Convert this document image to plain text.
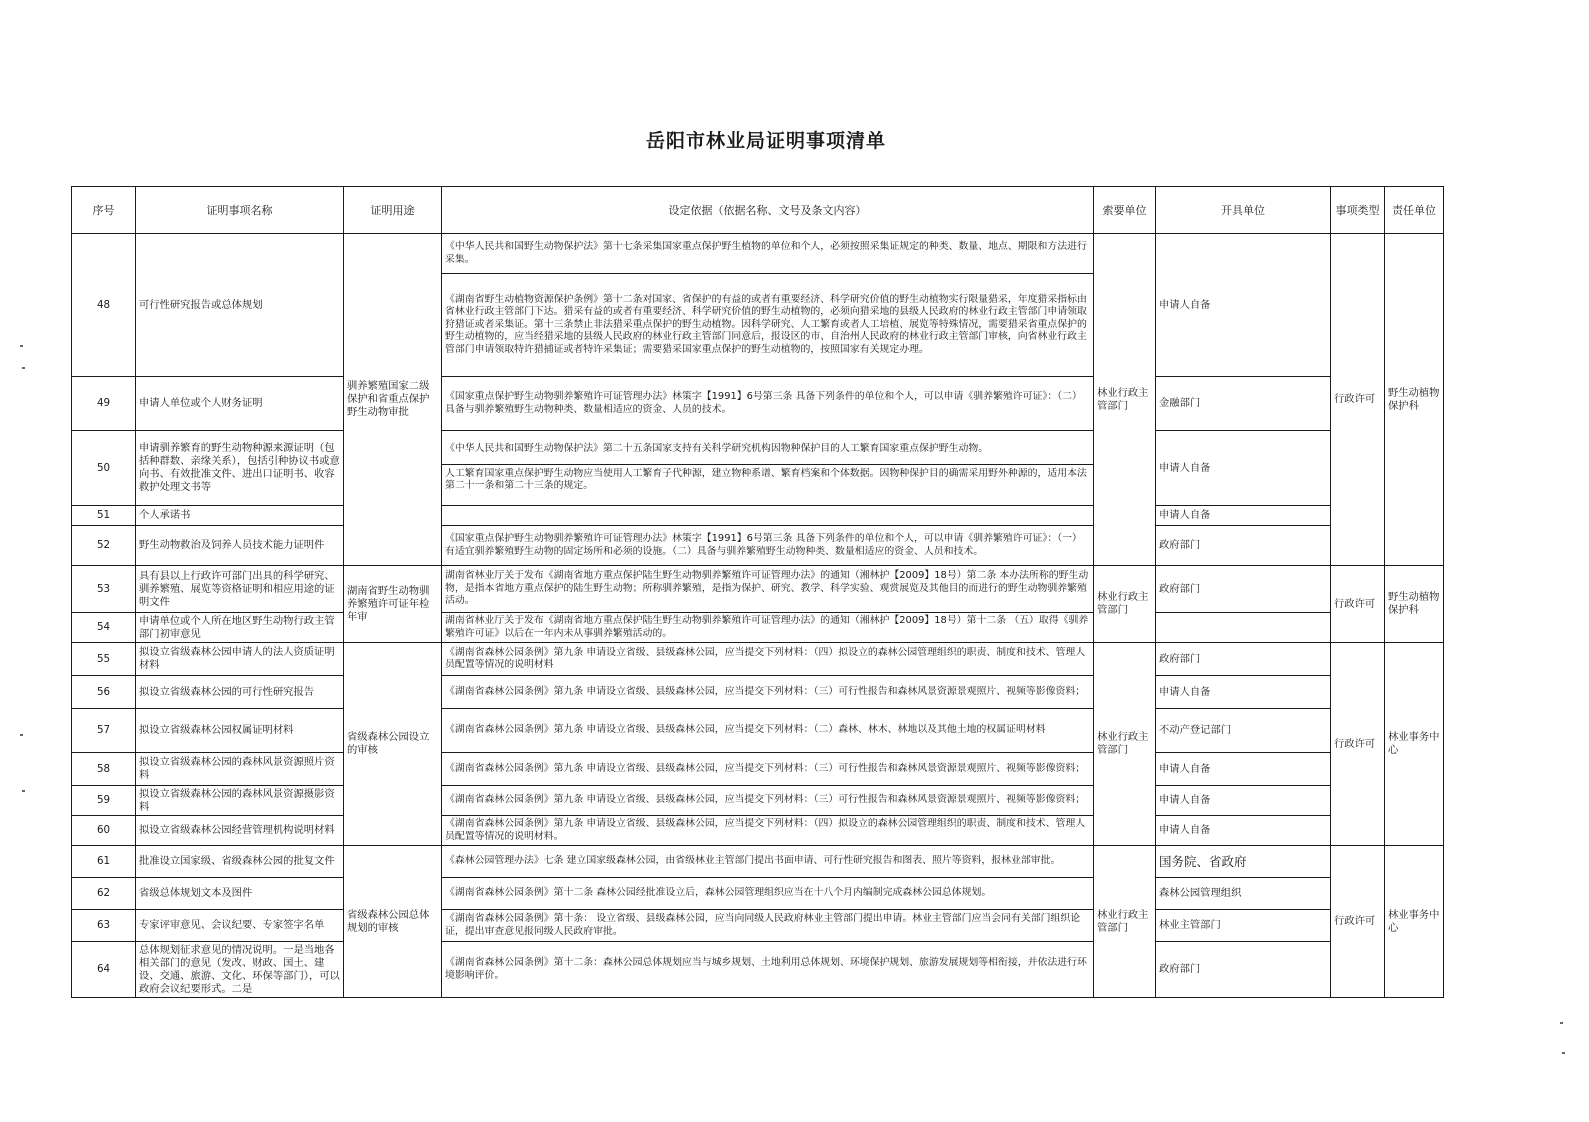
岳阳市林业局证明事项清单
序号	证明事项名称	证明用途	设定依据（依据名称、文号及条文内容）	索要单位	开具单位	事项类型	责任单位
48	可行性研究报告或总体规划	驯养繁殖国家二级保护和省重点保护野生动物审批	《中华人民共和国野生动物保护法》第十七条采集国家重点保护野生植物的单位和个人，必须按照采集证规定的种类、数量、地点、期限和方法进行采集。	林业行政主管部门	申请人自备	行政许可	野生动植物保护科
			《湖南省野生动植物资源保护条例》第十二条对国家、省保护的有益的或者有重要经济、科学研究价值的野生动植物实行限量猎采，年度猎采指标由省林业行政主管部门下达。猎采有益的或者有重要经济、科学研究价值的野生动植物的，必须向猎采地的县级人民政府的林业行政主管部门申请领取狩猎证或者采集证。第十三条禁止非法猎采重点保护的野生动植物。因科学研究、人工繁育或者人工培植、展览等特殊情况，需要猎采省重点保护的野生动植物的，应当经猎采地的县级人民政府的林业行政主管部门同意后，报设区的市、自治州人民政府的林业行政主管部门审核，向省林业行政主管部门申请领取特许猎捕证或者特许采集证；需要猎采国家重点保护的野生动植物的，按照国家有关规定办理。				
49	申请人单位或个人财务证明		《国家重点保护野生动物驯养繁殖许可证管理办法》林策字【1991】6号第三条 具备下列条件的单位和个人，可以申请《驯养繁殖许可证》：（二）具备与驯养繁殖野生动物种类、数量相适应的资金、人员的技术。		金融部门		
50	申请驯养繁育的野生动物种源来源证明（包括种群数、亲缘关系），包括引种协议书或意向书、有效批准文件、进出口证明书、收容救护处理文书等		《中华人民共和国野生动物保护法》第二十五条国家支持有关科学研究机构因物种保护目的人工繁育国家重点保护野生动物。
人工繁育国家重点保护野生动物应当使用人工繁育子代种源，建立物种系谱、繁育档案和个体数据。因物种保护目的确需采用野外种源的，适用本法第二十一条和第二十三条的规定。		申请人自备		
51	个人承诺书				申请人自备		
52	野生动物救治及饲养人员技术能力证明件		《国家重点保护野生动物驯养繁殖许可证管理办法》林策字【1991】6号第三条 具备下列条件的单位和个人，可以申请《驯养繁殖许可证》：（一）有适宜驯养繁殖野生动物的固定场所和必须的设施。（二）具备与驯养繁殖野生动物种类、数量相适应的资金、人员和技术。		政府部门		
53	具有县以上行政许可部门出具的科学研究、驯养繁殖、展览等资格证明和相应用途的证明文件	湖南省野生动物驯养繁殖许可证年检年审	湖南省林业厅关于发布《湖南省地方重点保护陆生野生动物驯养繁殖许可证管理办法》的通知（湘林护【2009】18号）第二条 本办法所称的野生动物，是指本省地方重点保护的陆生野生动物；所称驯养繁殖，是指为保护、研究、教学、科学实验、观赏展览及其他目的而进行的野生动物驯养繁殖活动。	林业行政主管部门	政府部门	行政许可	野生动植物保护科
54	申请单位或个人所在地区野生动物行政主管部门初审意见		湖南省林业厅关于发布《湖南省地方重点保护陆生野生动物驯养繁殖许可证管理办法》的通知（湘林护【2009】18号）第十二条 （五）取得《驯养繁殖许可证》以后在一年内未从事驯养繁殖活动的。				
55	拟设立省级森林公园申请人的法人资质证明材料	省级森林公园设立的审核	《湖南省森林公园条例》第九条 申请设立省级、县级森林公园，应当提交下列材料：（四）拟设立的森林公园管理组织的职责、制度和技术、管理人员配置等情况的说明材料	林业行政主管部门	政府部门	行政许可	林业事务中心
56	拟设立省级森林公园的可行性研究报告		《湖南省森林公园条例》第九条 申请设立省级、县级森林公园，应当提交下列材料：（三）可行性报告和森林风景资源景观照片、视频等影像资料；		申请人自备		
57	拟设立省级森林公园权属证明材料		《湖南省森林公园条例》第九条 申请设立省级、县级森林公园，应当提交下列材料：（二）森林、林木、林地以及其他土地的权属证明材料		不动产登记部门		
58	拟设立省级森林公园的森林风景资源照片资料		《湖南省森林公园条例》第九条 申请设立省级、县级森林公园，应当提交下列材料：（三）可行性报告和森林风景资源景观照片、视频等影像资料；		申请人自备		
59	拟设立省级森林公园的森林风景资源摄影资料		《湖南省森林公园条例》第九条 申请设立省级、县级森林公园，应当提交下列材料：（三）可行性报告和森林风景资源景观照片、视频等影像资料；		申请人自备		
60	拟设立省级森林公园经营管理机构说明材料		《湖南省森林公园条例》第九条 申请设立省级、县级森林公园，应当提交下列材料：（四）拟设立的森林公园管理组织的职责、制度和技术、管理人员配置等情况的说明材料。		申请人自备		
61	批准设立国家级、省级森林公园的批复文件	省级森林公园总体规划的审核	《森林公园管理办法》七条 建立国家级森林公园，由省级林业主管部门提出书面申请、可行性研究报告和图表、照片等资料，报林业部审批。	林业行政主管部门	国务院、省政府	行政许可	林业事务中心
62	省级总体规划文本及图件		《湖南省森林公园条例》第十二条 森林公园经批准设立后，森林公园管理组织应当在十八个月内编制完成森林公园总体规划。		森林公园管理组织		
63	专家评审意见、会议纪要、专家签字名单		《湖南省森林公园条例》第十条： 设立省级、县级森林公园，应当向同级人民政府林业主管部门提出申请。林业主管部门应当会同有关部门组织论证，提出审查意见报同级人民政府审批。		林业主管部门		
64	总体规划征求意见的情况说明。一是当地各相关部门的意见（发改、财政、国土、建设、交通、旅游、文化、环保等部门），可以政府会议纪要形式。二是		《湖南省森林公园条例》第十二条：森林公园总体规划应当与城乡规划、土地利用总体规划、环境保护规划、旅游发展规划等相衔接，并依法进行环境影响评价。		政府部门		
